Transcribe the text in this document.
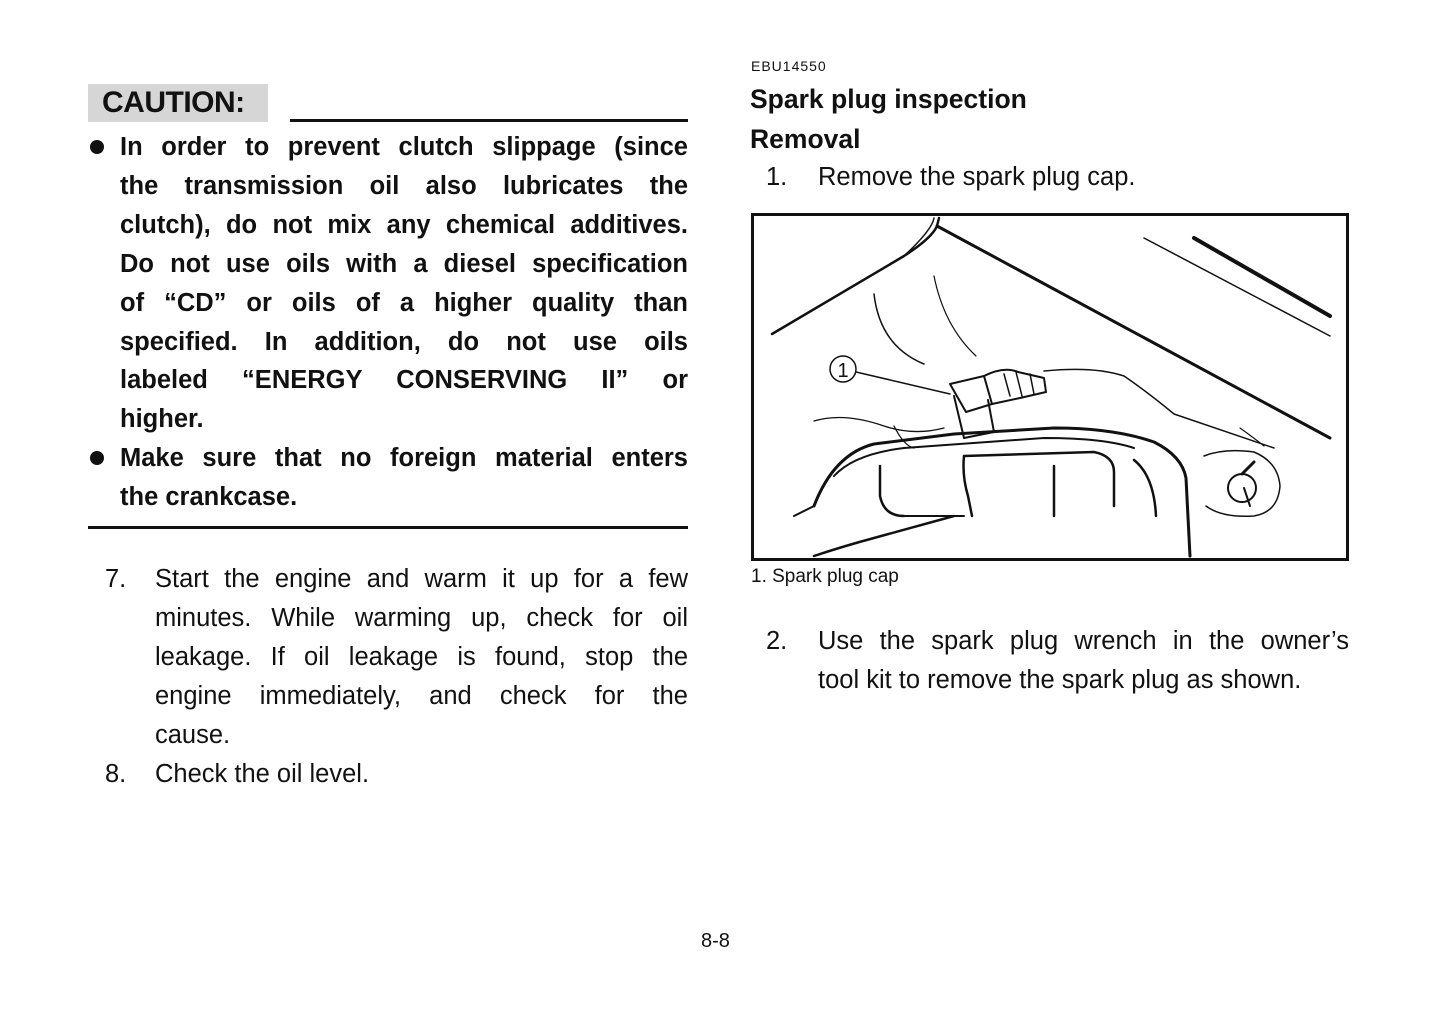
CAUTION:
In order to prevent clutch slippage (since
the transmission oil also lubricates the
clutch), do not mix any chemical additives.
Do not use oils with a diesel specification
of “CD” or oils of a higher quality than
specified. In addition, do not use oils
labeled “ENERGY CONSERVING II” or
higher.
Make sure that no foreign material enters
the crankcase.
7. Start the engine and warm it up for a few
minutes. While warming up, check for oil
leakage. If oil leakage is found, stop the
engine immediately, and check for the
cause.
8. Check the oil level.
EBU14550
Spark plug inspection
Removal
1. Remove the spark plug cap.
1
1. Spark plug cap
2. Use the spark plug wrench in the owner’s
tool kit to remove the spark plug as shown.
8-8
